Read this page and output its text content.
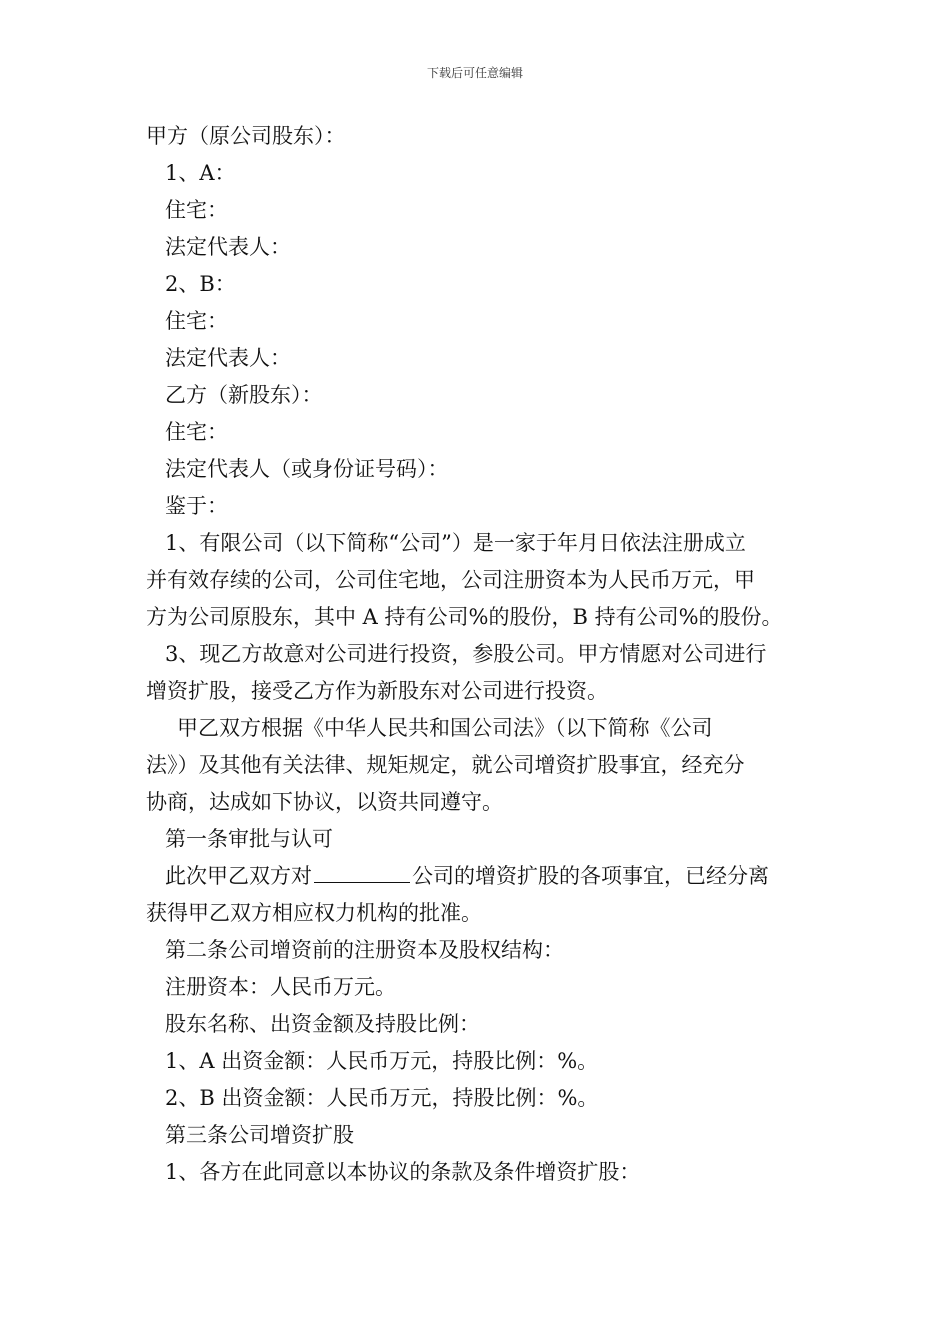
下载后可任意编辑

甲方（原公司股东）：

1、A：

住宅：

法定代表人：

2、B：

住宅：

法定代表人：

乙方（新股东）：

住宅：

法定代表人（或身份证号码）：

鉴于：

1、有限公司（以下简称“公司”）是一家于年月日依法注册成立

并有效存续的公司，公司住宅地，公司注册资本为人民币万元，甲

方为公司原股东，其中 A 持有公司%的股份，B 持有公司%的股份。

3、现乙方故意对公司进行投资，参股公司。甲方情愿对公司进行

增资扩股，接受乙方作为新股东对公司进行投资。

甲乙双方根据《中华人民共和国公司法》（以下简称《公司

法》）及其他有关法律、规矩规定，就公司增资扩股事宜，经充分

协商，达成如下协议，以资共同遵守。

第一条审批与认可

此次甲乙双方对	公司的增资扩股的各项事宜，已经分离

获得甲乙双方相应权力机构的批准。

第二条公司增资前的注册资本及股权结构：

注册资本：人民币万元。

股东名称、出资金额及持股比例：

1、A 出资金额：人民币万元，持股比例：%。

2、B 出资金额：人民币万元，持股比例：%。

第三条公司增资扩股

1、各方在此同意以本协议的条款及条件增资扩股：
